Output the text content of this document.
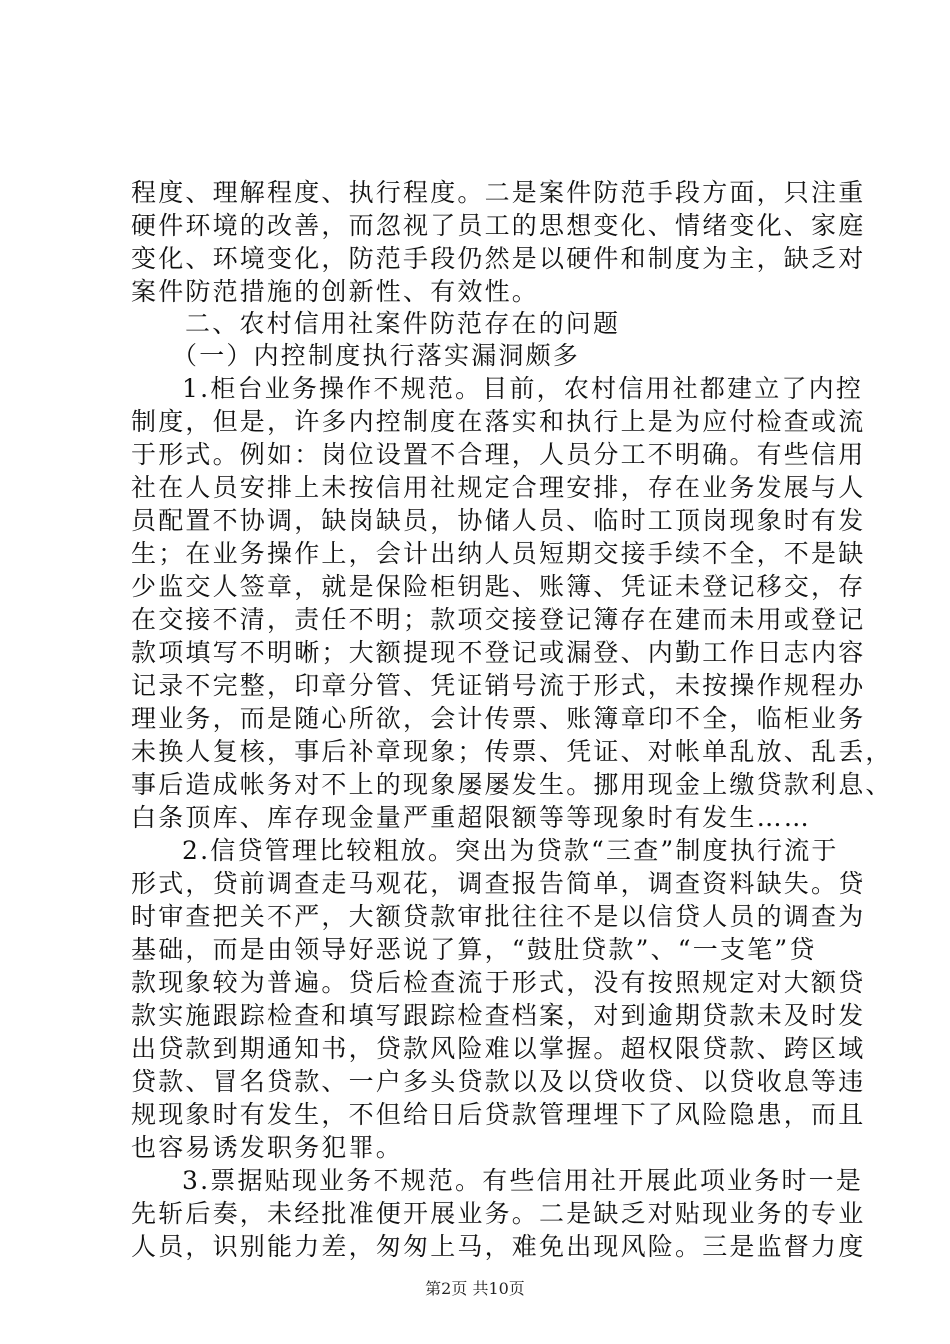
程度、理解程度、执行程度。二是案件防范手段方面，只注重
硬件环境的改善，而忽视了员工的思想变化、情绪变化、家庭
变化、环境变化，防范手段仍然是以硬件和制度为主，缺乏对
案件防范措施的创新性、有效性。
二、农村信用社案件防范存在的问题
（一）内控制度执行落实漏洞颇多
1.柜台业务操作不规范。目前，农村信用社都建立了内控
制度，但是，许多内控制度在落实和执行上是为应付检查或流
于形式。例如：岗位设置不合理，人员分工不明确。有些信用
社在人员安排上未按信用社规定合理安排，存在业务发展与人
员配置不协调，缺岗缺员，协储人员、临时工顶岗现象时有发
生；在业务操作上，会计出纳人员短期交接手续不全，不是缺
少监交人签章，就是保险柜钥匙、账簿、凭证未登记移交，存
在交接不清，责任不明；款项交接登记簿存在建而未用或登记
款项填写不明晰；大额提现不登记或漏登、内勤工作日志内容
记录不完整，印章分管、凭证销号流于形式，未按操作规程办
理业务，而是随心所欲，会计传票、账簿章印不全，临柜业务
未换人复核，事后补章现象；传票、凭证、对帐单乱放、乱丢，
事后造成帐务对不上的现象屡屡发生。挪用现金上缴贷款利息、
白条顶库、库存现金量严重超限额等等现象时有发生……
2.信贷管理比较粗放。突出为贷款“三查”制度执行流于
形式，贷前调查走马观花，调查报告简单，调查资料缺失。贷
时审查把关不严，大额贷款审批往往不是以信贷人员的调查为
基础，而是由领导好恶说了算，“鼓肚贷款”、“一支笔”贷
款现象较为普遍。贷后检查流于形式，没有按照规定对大额贷
款实施跟踪检查和填写跟踪检查档案，对到逾期贷款未及时发
出贷款到期通知书，贷款风险难以掌握。超权限贷款、跨区域
贷款、冒名贷款、一户多头贷款以及以贷收贷、以贷收息等违
规现象时有发生，不但给日后贷款管理埋下了风险隐患，而且
也容易诱发职务犯罪。
3.票据贴现业务不规范。有些信用社开展此项业务时一是
先斩后奏，未经批准便开展业务。二是缺乏对贴现业务的专业
人员，识别能力差，匆匆上马，难免出现风险。三是监督力度
第2页 共10页
